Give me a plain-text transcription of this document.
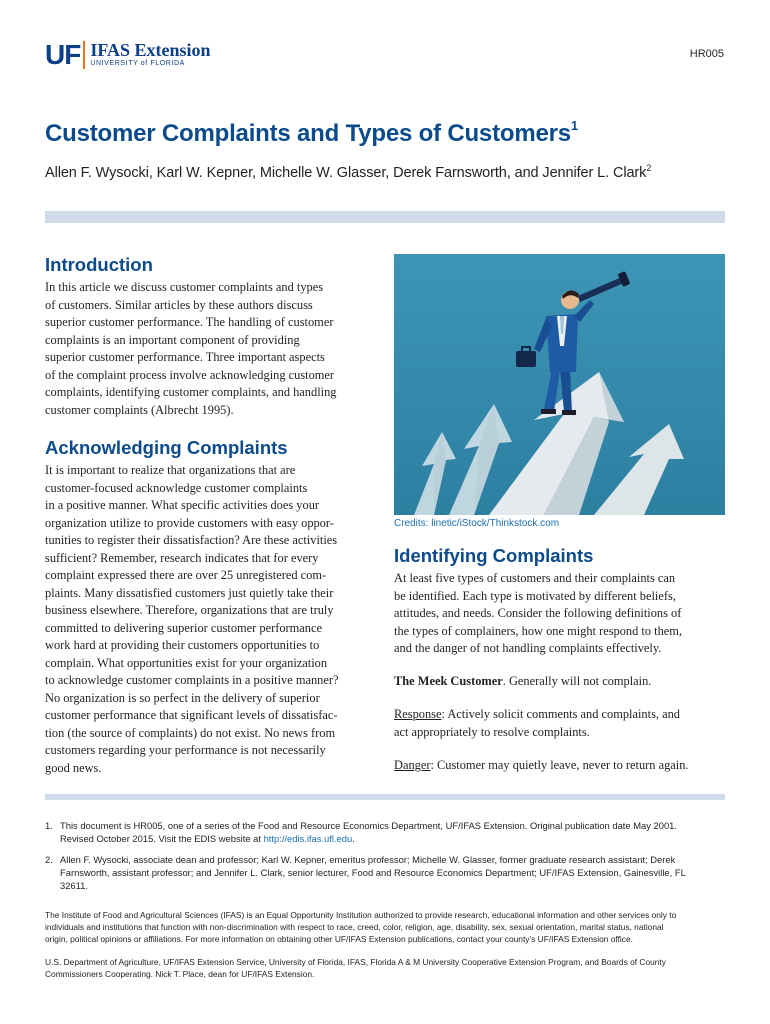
UF IFAS Extension
UNIVERSITY of FLORIDA
HR005
Customer Complaints and Types of Customers$^1$
Allen F. Wysocki, Karl W. Kepner, Michelle W. Glasser, Derek Farnsworth, and Jennifer L. Clark$^2$
Introduction
In this article we discuss customer complaints and types
of customers. Similar articles by these authors discuss
superior customer performance. The handling of customer
complaints is an important component of providing
superior customer performance. Three important aspects
of the complaint process involve acknowledging customer
complaints, identifying customer complaints, and handling
customer complaints (Albrecht 1995).
Acknowledging Complaints
It is important to realize that organizations that are
customer-focused acknowledge customer complaints
in a positive manner. What specific activities does your
organization utilize to provide customers with easy oppor-
tunities to register their dissatisfaction? Are these activities
sufficient? Remember, research indicates that for every
complaint expressed there are over 25 unregistered com-
plaints. Many dissatisfied customers just quietly take their
business elsewhere. Therefore, organizations that are truly
committed to delivering superior customer performance
work hard at providing their customers opportunities to
complain. What opportunities exist for your organization
to acknowledge customer complaints in a positive manner?
No organization is so perfect in the delivery of superior
customer performance that significant levels of dissatisfac-
tion (the source of complaints) do not exist. No news from
customers regarding your performance is not necessarily
good news.
Credits: linetic/iStock/Thinkstock.com
Identifying Complaints
At least five types of customers and their complaints can
be identified. Each type is motivated by different beliefs,
attitudes, and needs. Consider the following definitions of
the types of complainers, how one might respond to them,
and the danger of not handling complaints effectively.
The Meek Customer. Generally will not complain.
Response: Actively solicit comments and complaints, and
act appropriately to resolve complaints.
Danger: Customer may quietly leave, never to return again.
1. This document is HR005, one of a series of the Food and Resource Economics Department, UF/IFAS Extension. Original publication date May 2001.
Revised October 2015. Visit the EDIS website at http://edis.ifas.ufl.edu.
2. Allen F. Wysocki, associate dean and professor; Karl W. Kepner, emeritus professor; Michelle W. Glasser, former graduate research assistant; Derek
Farnsworth, assistant professor; and Jennifer L. Clark, senior lecturer, Food and Resource Economics Department; UF/IFAS Extension, Gainesville, FL
32611.
The Institute of Food and Agricultural Sciences (IFAS) is an Equal Opportunity Institution authorized to provide research, educational information and other services only to
individuals and institutions that function with non-discrimination with respect to race, creed, color, religion, age, disability, sex, sexual orientation, marital status, national
origin, political opinions or affiliations. For more information on obtaining other UF/IFAS Extension publications, contact your county’s UF/IFAS Extension office.
U.S. Department of Agriculture, UF/IFAS Extension Service, University of Florida, IFAS, Florida A & M University Cooperative Extension Program, and Boards of County
Commissioners Cooperating. Nick T. Place, dean for UF/IFAS Extension.
